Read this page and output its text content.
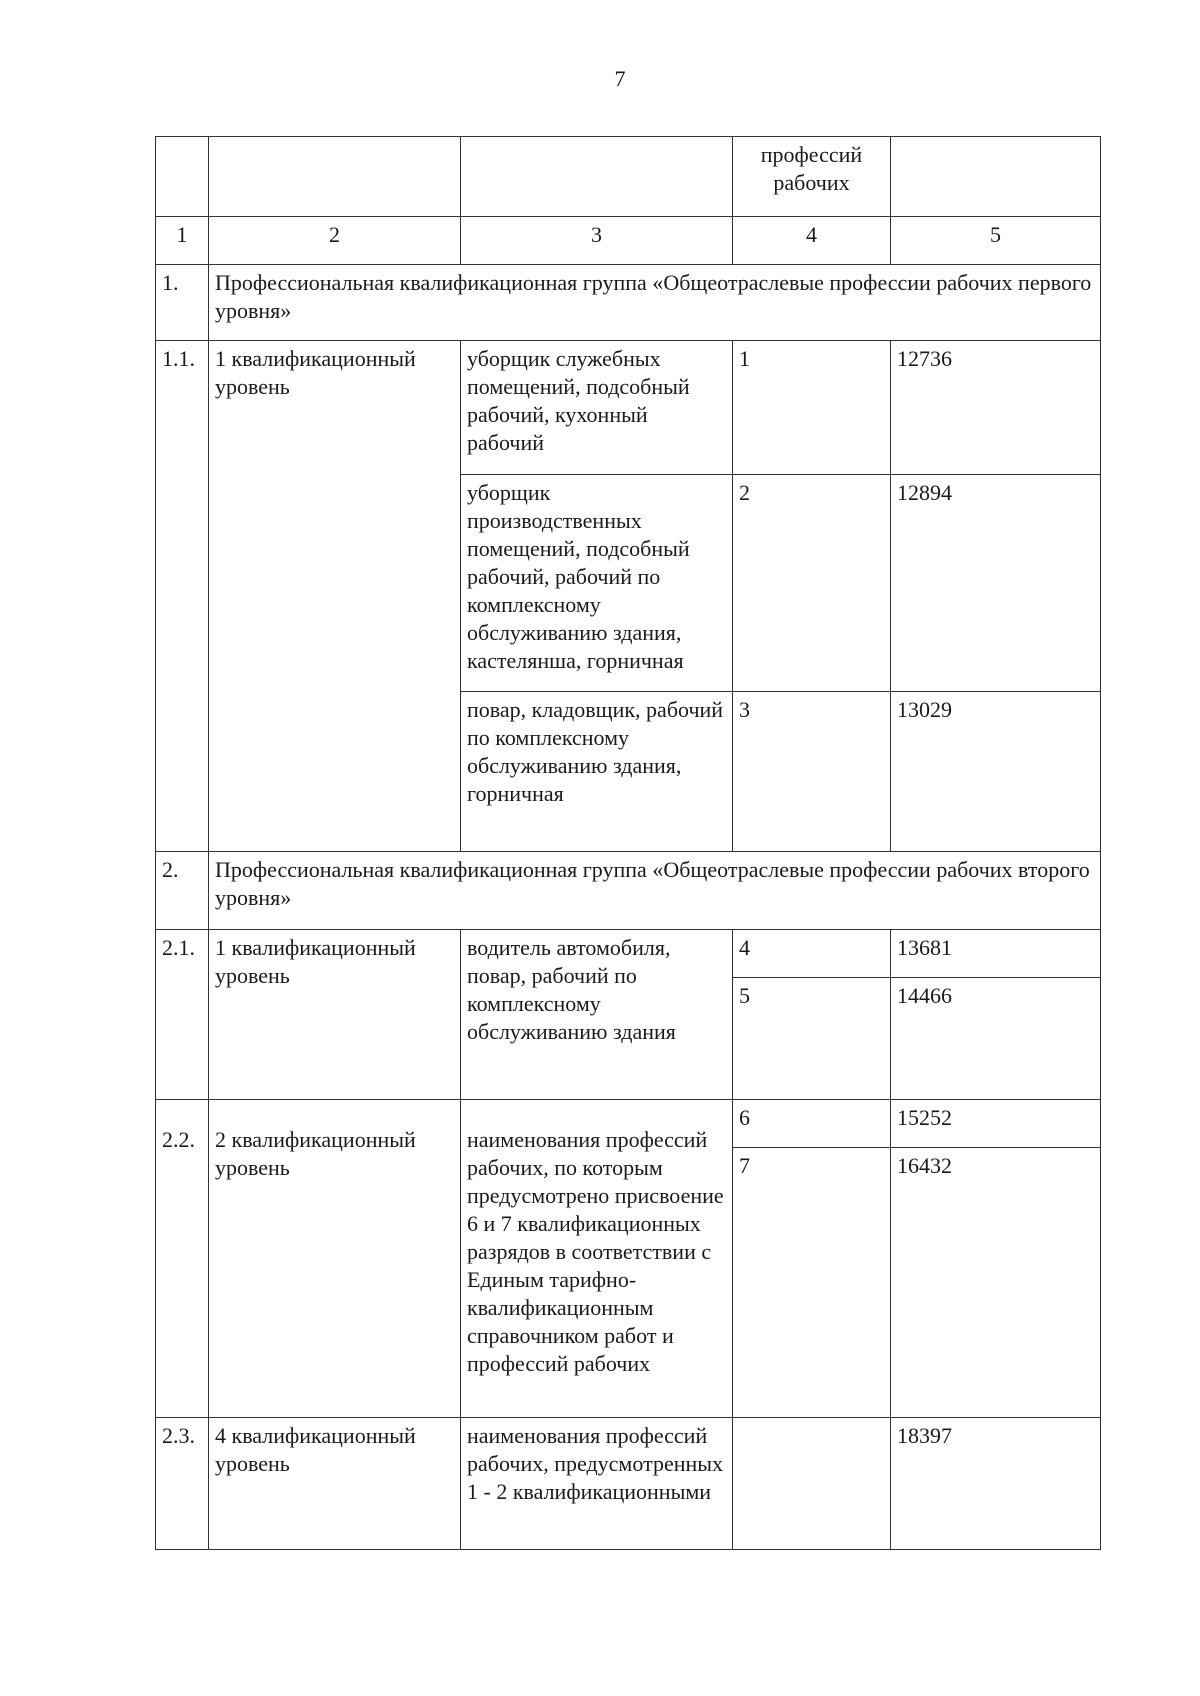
7
			профессий рабочих	
1	2	3	4	5
1.	Профессиональная квалификационная группа «Общеотраслевые профессии рабочих первого уровня»			
1.1.	1 квалификационный уровень	уборщик служебных помещений, подсобный рабочий, кухонный рабочий	1	12736
		уборщик производственных помещений, подсобный рабочий, рабочий по комплексному обслуживанию здания, кастелянша, горничная	2	12894
		повар, кладовщик, рабочий по комплексному обслуживанию здания, горничная	3	13029
2.	Профессиональная квалификационная группа «Общеотраслевые профессии рабочих второго уровня»			
2.1.	1 квалификационный уровень	водитель автомобиля, повар, рабочий по комплексному обслуживанию здания	4	13681
			5	14466
2.2.	2 квалификационный уровень	наименования профессий рабочих, по которым предусмотрено присвоение 6 и 7 квалификационных разрядов в соответствии с Единым тарифно-квалификационным справочником работ и профессий рабочих	6	15252
			7	16432
2.3.	4 квалификационный уровень	наименования профессий рабочих, предусмотренных 1 - 2 квалификационными		18397
